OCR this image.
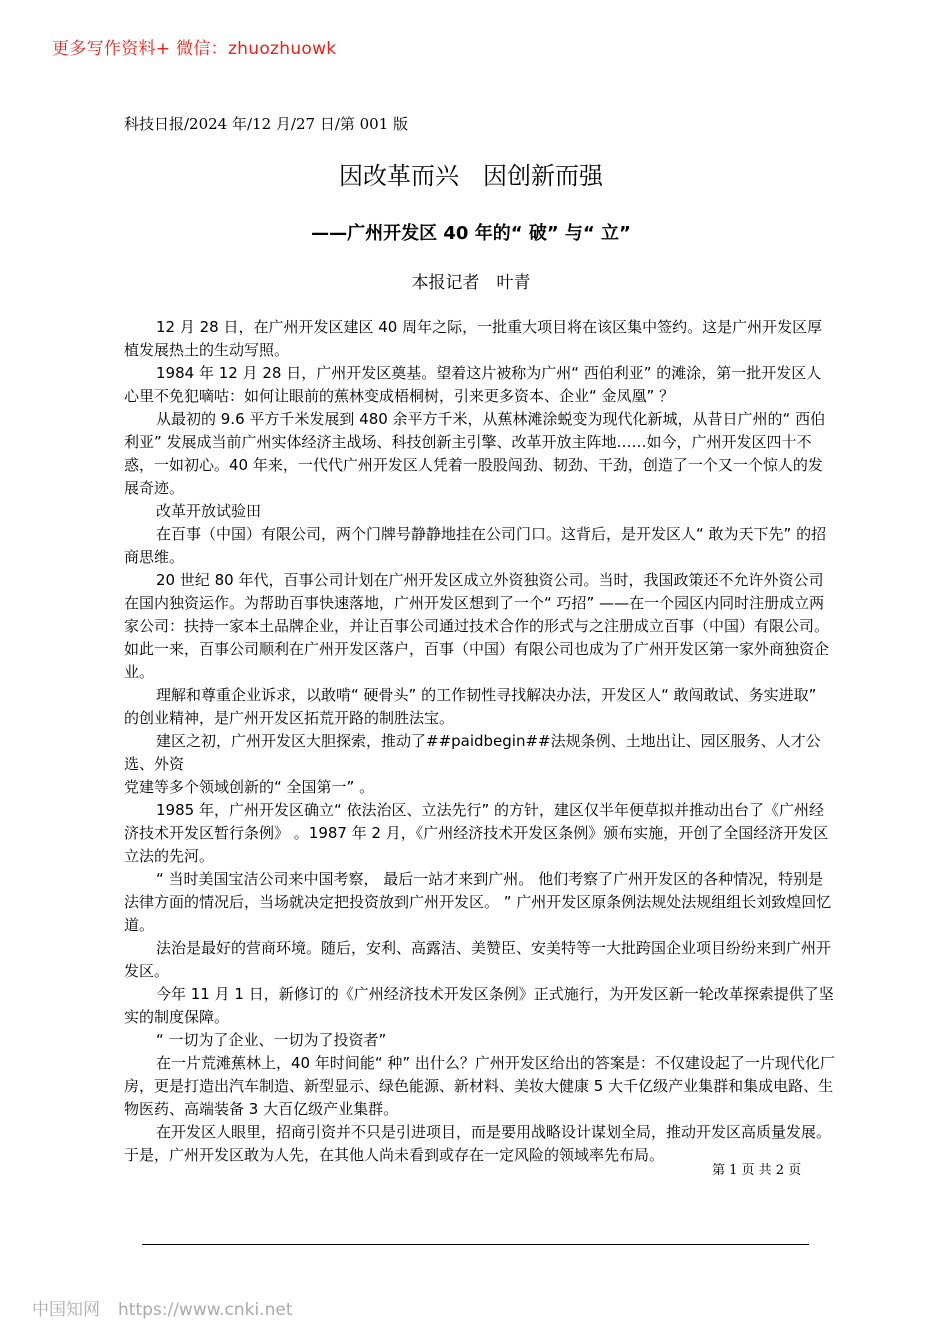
更多写作资料+ 微信：zhuozhuowk
科技日报/2024 年/12 月/27 日/第 001 版
因改革而兴　因创新而强
——广州开发区 40 年的“ 破” 与“ 立”
本报记者　叶青

12 月 28 日，在广州开发区建区 40 周年之际，一批重大项目将在该区集中签约。这是广州开发区厚植发展热土的生动写照。

1984 年 12 月 28 日，广州开发区奠基。望着这片被称为广州“ 西伯利亚” 的滩涂，第一批开发区人心里不免犯嘀咕：如何让眼前的蕉林变成梧桐树，引来更多资本、企业“ 金凤凰” ？

从最初的 9.6 平方千米发展到 480 余平方千米，从蕉林滩涂蜕变为现代化新城，从昔日广州的“ 西伯利亚” 发展成当前广州实体经济主战场、科技创新主引擎、改革开放主阵地……如今，广州开发区四十不惑，一如初心。40 年来，一代代广州开发区人凭着一股股闯劲、韧劲、干劲，创造了一个又一个惊人的发展奇迹。

改革开放试验田

在百事（中国）有限公司，两个门牌号静静地挂在公司门口。这背后，是开发区人“ 敢为天下先” 的招商思维。

20 世纪 80 年代，百事公司计划在广州开发区成立外资独资公司。当时，我国政策还不允许外资公司在国内独资运作。为帮助百事快速落地，广州开发区想到了一个“ 巧招” ——在一个园区内同时注册成立两家公司：扶持一家本土品牌企业，并让百事公司通过技术合作的形式与之注册成立百事（中国）有限公司。如此一来，百事公司顺利在广州开发区落户，百事（中国）有限公司也成为了广州开发区第一家外商独资企业。

理解和尊重企业诉求，以敢啃“ 硬骨头” 的工作韧性寻找解决办法，开发区人“ 敢闯敢试、务实进取” 的创业精神，是广州开发区拓荒开路的制胜法宝。

建区之初，广州开发区大胆探索，推动了##paidbegin##法规条例、土地出让、园区服务、人才公选、外资

党建等多个领域创新的“ 全国第一” 。

1985 年，广州开发区确立“ 依法治区、立法先行” 的方针，建区仅半年便草拟并推动出台了《广州经济技术开发区暂行条例》 。1987 年 2 月，《广州经济技术开发区条例》颁布实施，开创了全国经济开发区立法的先河。

“ 当时美国宝洁公司来中国考察， 最后一站才来到广州。 他们考察了广州开发区的各种情况，特别是法律方面的情况后，当场就决定把投资放到广州开发区。 ” 广州开发区原条例法规处法规组组长刘致煌回忆道。

法治是最好的营商环境。随后，安利、高露洁、美赞臣、安美特等一大批跨国企业项目纷纷来到广州开发区。

今年 11 月 1 日，新修订的《广州经济技术开发区条例》正式施行，为开发区新一轮改革探索提供了坚实的制度保障。

“ 一切为了企业、一切为了投资者”

在一片荒滩蕉林上，40 年时间能“ 种” 出什么？广州开发区给出的答案是：不仅建设起了一片现代化厂房，更是打造出汽车制造、新型显示、绿色能源、新材料、美妆大健康 5 大千亿级产业集群和集成电路、生物医药、高端装备 3 大百亿级产业集群。

在开发区人眼里，招商引资并不只是引进项目，而是要用战略设计谋划全局，推动开发区高质量发展。于是，广州开发区敢为人先，在其他人尚未看到或存在一定风险的领域率先布局。

第 1 页 共 2 页
中国知网 https://www.cnki.net
